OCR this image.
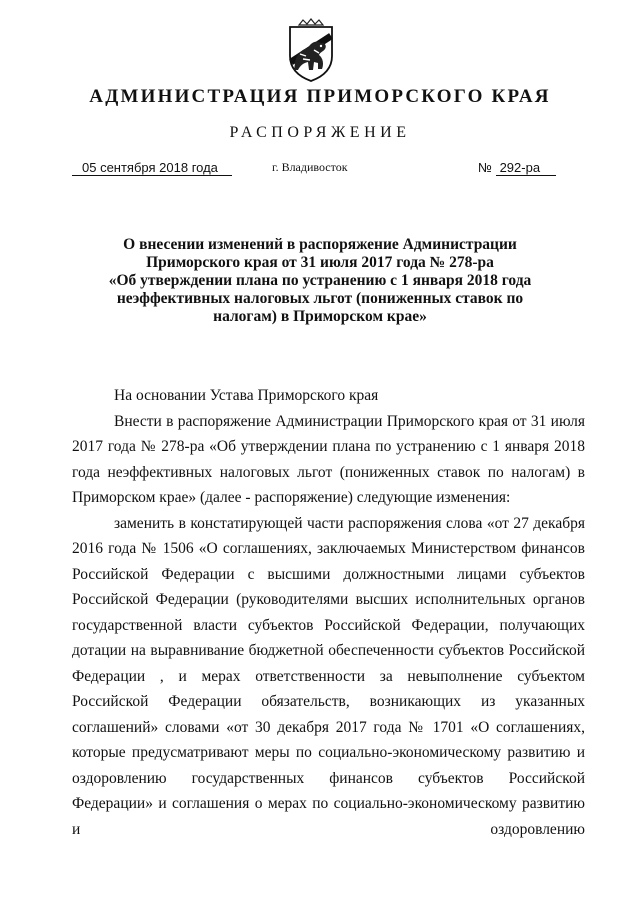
АДМИНИСТРАЦИЯ ПРИМОРСКОГО КРАЯ
РАСПОРЯЖЕНИЕ
05 сентября 2018 года	г. Владивосток	№ 292-ра
О внесении изменений в распоряжение Администрации
Приморского края от 31 июля 2017 года № 278-ра
«Об утверждении плана по устранению с 1 января 2018 года
неэффективных налоговых льгот (пониженных ставок по
налогам) в Приморском крае»

На основании Устава Приморского края

Внести в распоряжение Администрации Приморского края от 31 июля 2017 года № 278-ра «Об утверждении плана по устранению с 1 января 2018 года неэффективных налоговых льгот (пониженных ставок по налогам) в Приморском крае» (далее - распоряжение) следующие изменения:

заменить в констатирующей части распоряжения слова «от 27 декабря 2016 года № 1506 «О соглашениях, заключаемых Министерством финансов Российской Федерации с высшими должностными лицами субъектов Российской Федерации (руководителями высших исполнительных органов государственной власти субъектов Российской Федерации, получающих дотации на выравнивание бюджетной обеспеченности субъектов Российской Федерации , и мерах ответственности за невыполнение субъектом Российской Федерации обязательств, возникающих из указанных соглашений» словами «от 30 декабря 2017 года № 1701 «О соглашениях, которые предусматривают меры по социально-экономическому развитию и оздоровлению государственных финансов субъектов Российской Федерации» и соглашения о мерах по социально-экономическому развитию и оздоровлению
